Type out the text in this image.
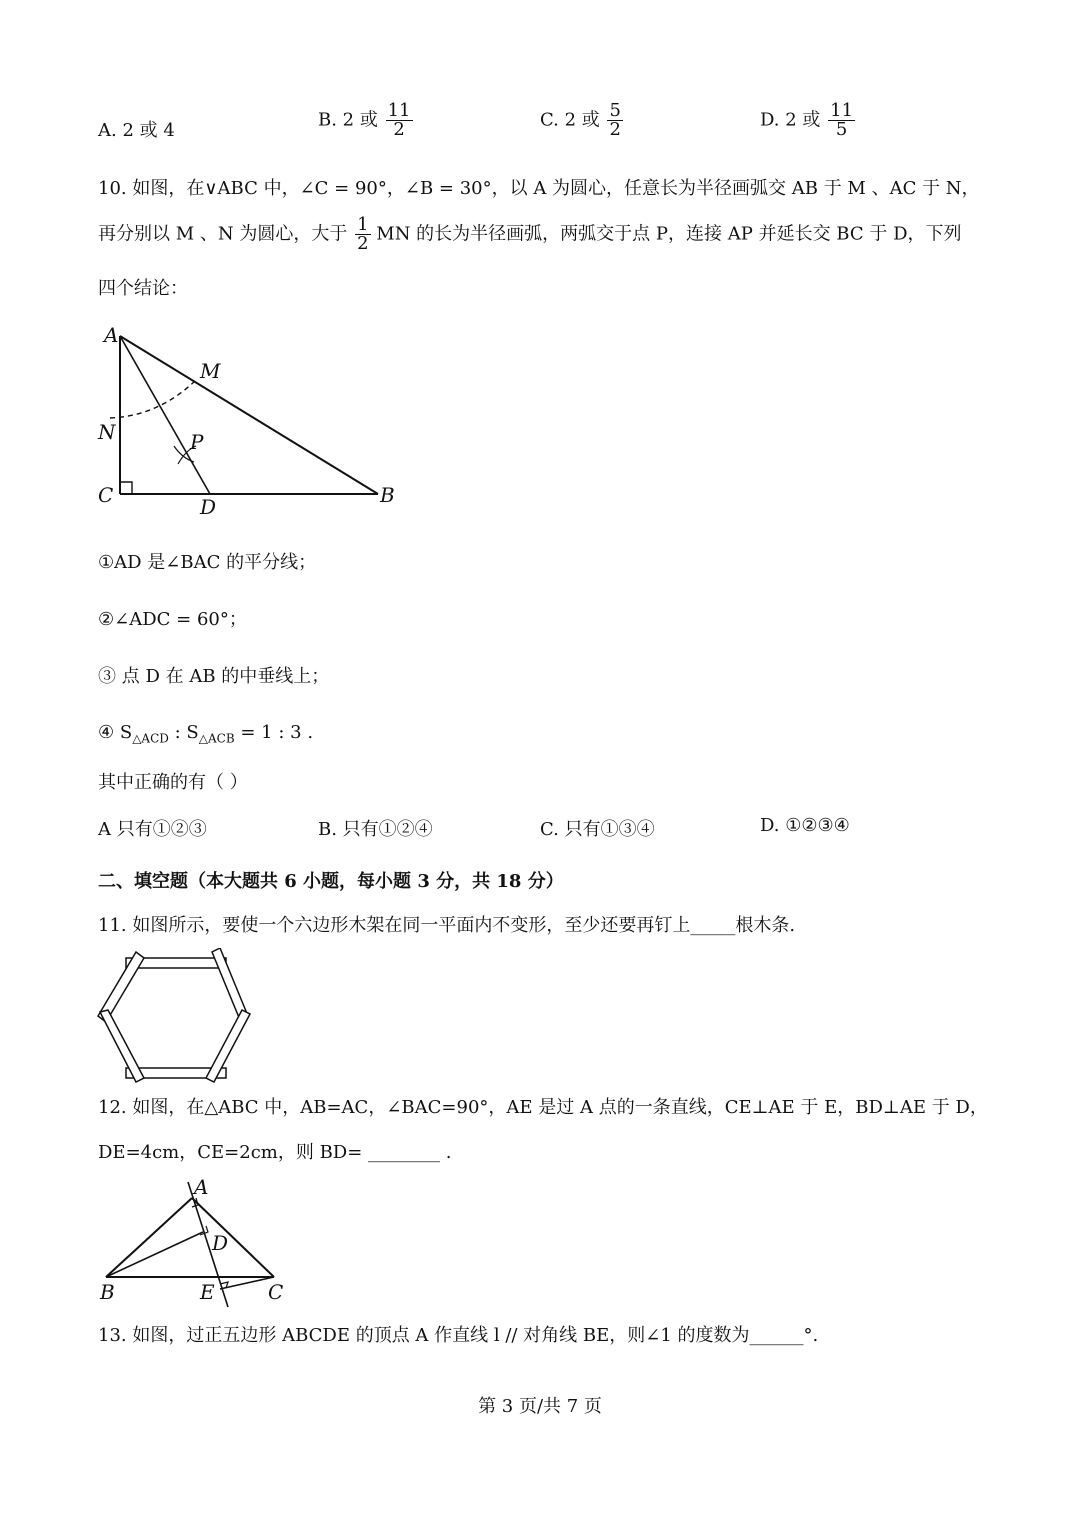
A. 2 或 4	B. 2 或 $\frac{11}{2}$	C. 2 或 $\frac{5}{2}$	D. 2 或 $\frac{11}{5}$
10. 如图，在∨ABC 中，∠C = 90°，∠B = 30°，以 A 为圆心，任意长为半径画弧交 AB 于 M 、AC 于 N，
再分别以 M 、N 为圆心，大于 $\frac{1}{2}$ MN 的长为半径画弧，两弧交于点 P，连接 AP 并延长交 BC 于 D，下列
四个结论：
A
M
N	P
C	D	B
①AD 是∠BAC 的平分线；
②∠ADC = 60°；
③ 点 D 在 AB 的中垂线上；
④ $S_{\triangle ACD}$ : $S_{\triangle ACB} = 1$ : 3 .
其中正确的有（ ）
A 只有①②③	B. 只有①②④	C. 只有①③④	D. ①②③④
二、填空题（本大题共 6 小题，每小题 3 分，共 18 分）
11. 如图所示，要使一个六边形木架在同一平面内不变形，至少还要再钉上_____根木条.
12. 如图，在△ABC 中，AB=AC，∠BAC=90°，AE 是过 A 点的一条直线，CE⊥AE 于 E，BD⊥AE 于 D，
DE=4cm，CE=2cm，则 BD= ________ .
A
D
B	E	C
13. 如图，过正五边形 ABCDE 的顶点 A 作直线 l // 对角线 BE，则∠1 的度数为______°.
第 3 页/共 7 页
